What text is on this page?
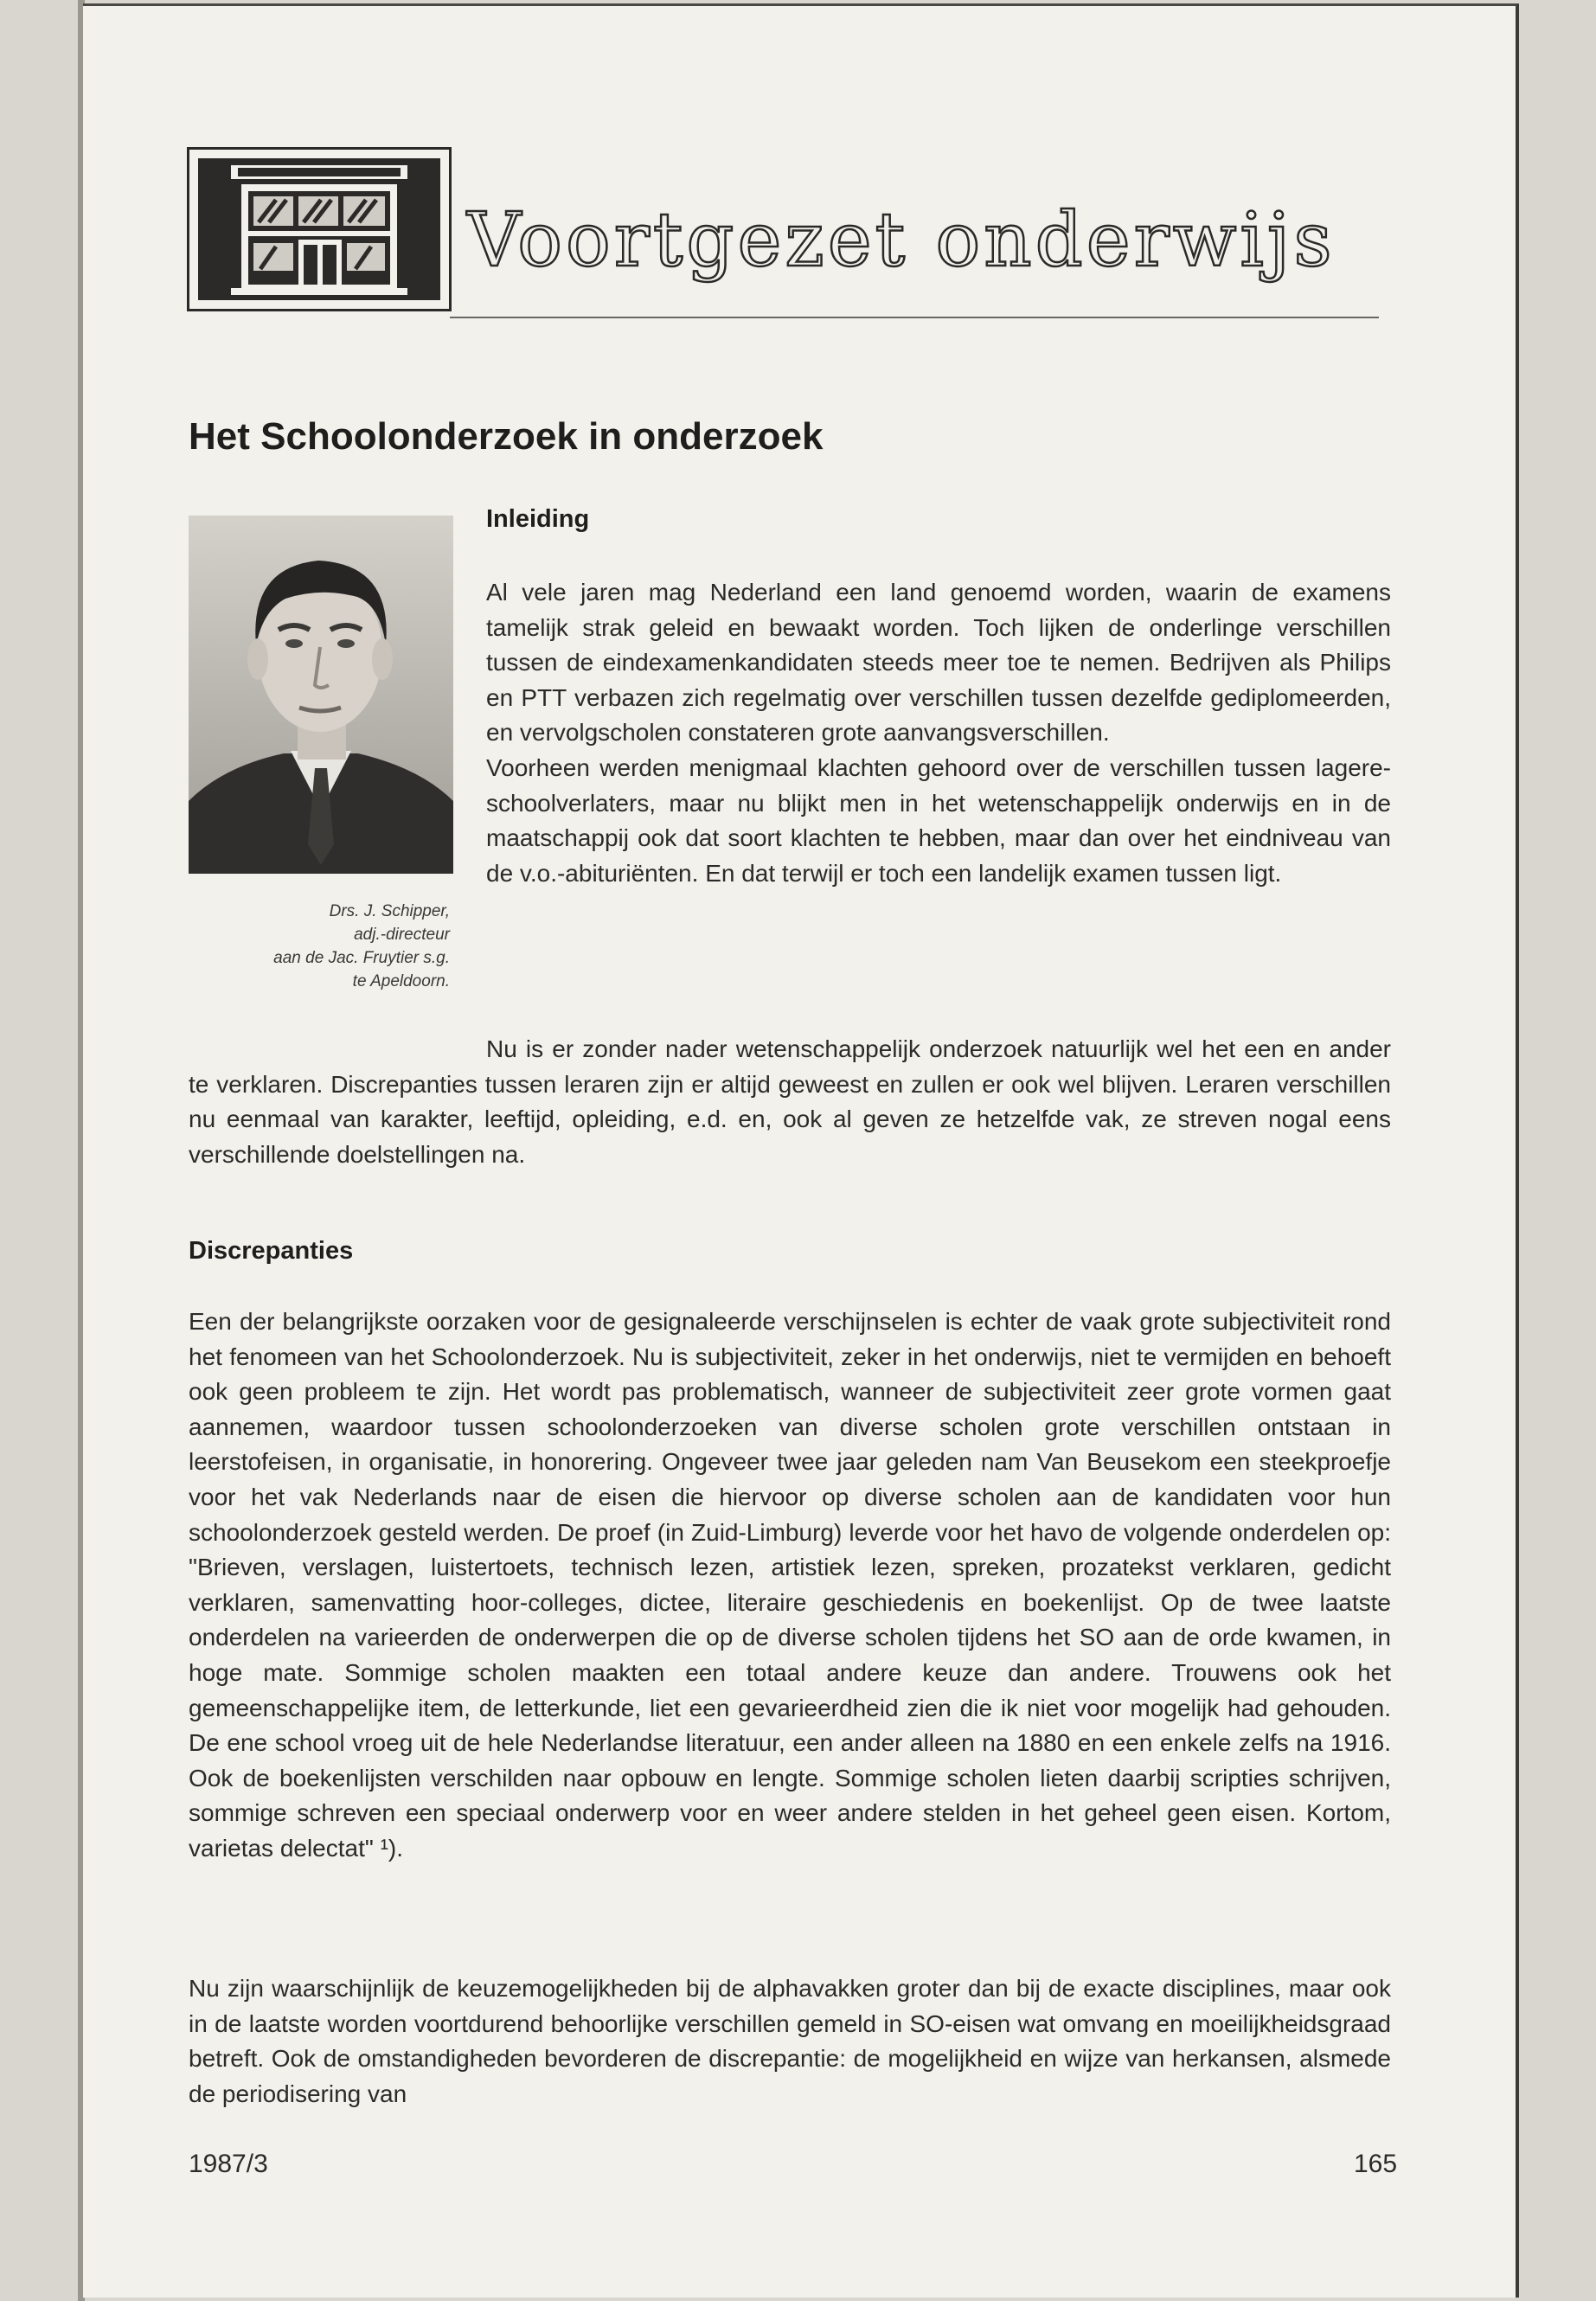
Voortgezet onderwijs
Het Schoolonderzoek in onderzoek
Drs. J. Schipper,
adj.-directeur
aan de Jac. Fruytier s.g.
te Apeldoorn.
Inleiding

Al vele jaren mag Nederland een land genoemd worden, waarin de examens tamelijk strak geleid en bewaakt worden. Toch lijken de onderlinge verschillen tussen de eindexamenkandidaten steeds meer toe te nemen. Bedrijven als Philips en PTT verbazen zich regelmatig over verschillen tussen dezelfde gediplomeerden, en vervolgscholen constateren grote aanvangsverschillen.

Voorheen werden menigmaal klachten gehoord over de verschillen tussen lagere-schoolverlaters, maar nu blijkt men in het wetenschappelijk onderwijs en in de maatschappij ook dat soort klachten te hebben, maar dan over het eindniveau van de v.o.-abituriënten. En dat terwijl er toch een landelijk examen tussen ligt.

Nu is er zonder nader wetenschappelijk onderzoek natuurlijk wel het een en ander te verklaren. Discrepanties tussen leraren zijn er altijd geweest en zullen er ook wel blijven. Leraren verschillen nu eenmaal van karakter, leeftijd, opleiding, e.d. en, ook al geven ze hetzelfde vak, ze streven nogal eens verschillende doelstellingen na.

Discrepanties

Een der belangrijkste oorzaken voor de gesignaleerde verschijnselen is echter de vaak grote subjectiviteit rond het fenomeen van het Schoolonderzoek. Nu is subjectiviteit, zeker in het onderwijs, niet te vermijden en behoeft ook geen probleem te zijn. Het wordt pas problematisch, wanneer de subjectiviteit zeer grote vormen gaat aannemen, waardoor tussen schoolonderzoeken van diverse scholen grote verschillen ontstaan in leerstofeisen, in organisatie, in honorering. Ongeveer twee jaar geleden nam Van Beusekom een steekproefje voor het vak Nederlands naar de eisen die hiervoor op diverse scholen aan de kandidaten voor hun schoolonderzoek gesteld werden. De proef (in Zuid-Limburg) leverde voor het havo de volgende onderdelen op: "Brieven, verslagen, luistertoets, technisch lezen, artistiek lezen, spreken, prozatekst verklaren, gedicht verklaren, samenvatting hoor-colleges, dictee, literaire geschiedenis en boekenlijst. Op de twee laatste onderdelen na varieerden de onderwerpen die op de diverse scholen tijdens het SO aan de orde kwamen, in hoge mate. Sommige scholen maakten een totaal andere keuze dan andere. Trouwens ook het gemeenschappelijke item, de letterkunde, liet een gevarieerdheid zien die ik niet voor mogelijk had gehouden. De ene school vroeg uit de hele Nederlandse literatuur, een ander alleen na 1880 en een enkele zelfs na 1916. Ook de boekenlijsten verschilden naar opbouw en lengte. Sommige scholen lieten daarbij scripties schrijven, sommige schreven een speciaal onderwerp voor en weer andere stelden in het geheel geen eisen. Kortom, varietas delectat" ¹).

Nu zijn waarschijnlijk de keuzemogelijkheden bij de alphavakken groter dan bij de exacte disciplines, maar ook in de laatste worden voortdurend behoorlijke verschillen gemeld in SO-eisen wat omvang en moeilijkheidsgraad betreft. Ook de omstandigheden bevorderen de discrepantie: de mogelijkheid en wijze van herkansen, alsmede de periodisering van

1987/3	165
